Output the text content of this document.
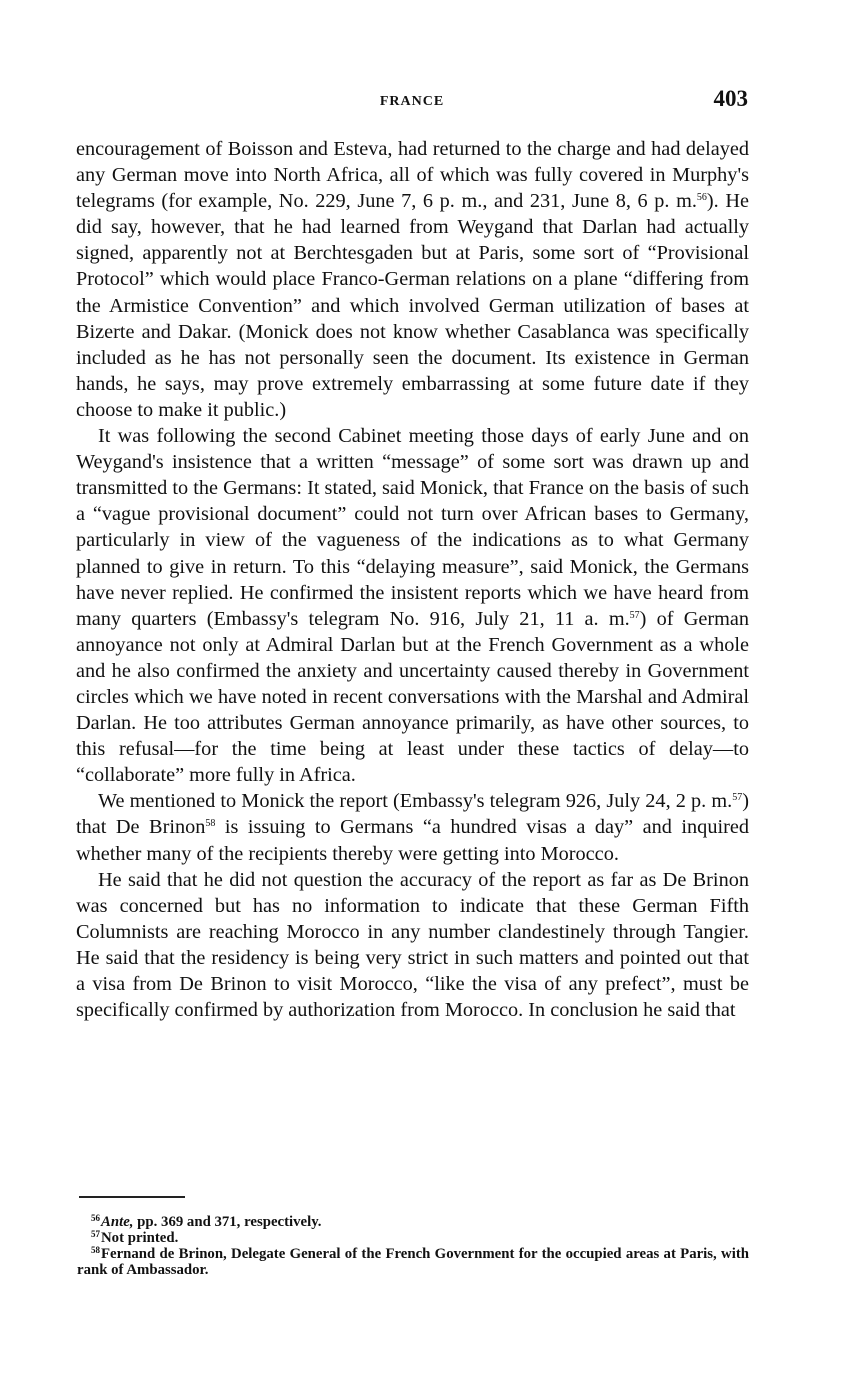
FRANCE	403

encouragement of Boisson and Esteva, had returned to the charge and had delayed any German move into North Africa, all of which was fully covered in Murphy's telegrams (for example, No. 229, June 7, 6 p. m., and 231, June 8, 6 p. m.$^{56}$). He did say, however, that he had learned from Weygand that Darlan had actually signed, apparently not at Berchtesgaden but at Paris, some sort of “Provisional Protocol” which would place Franco-German relations on a plane “differing from the Armistice Convention” and which involved German utilization of bases at Bizerte and Dakar. (Monick does not know whether Casablanca was specifically included as he has not personally seen the document. Its existence in German hands, he says, may prove extremely embarrassing at some future date if they choose to make it public.)

It was following the second Cabinet meeting those days of early June and on Weygand's insistence that a written “message” of some sort was drawn up and transmitted to the Germans: It stated, said Monick, that France on the basis of such a “vague provisional document” could not turn over African bases to Germany, particularly in view of the vagueness of the indications as to what Germany planned to give in return. To this “delaying measure”, said Monick, the Germans have never replied. He confirmed the insistent reports which we have heard from many quarters (Embassy's telegram No. 916, July 21, 11 a. m.$^{57}$) of German annoyance not only at Admiral Darlan but at the French Government as a whole and he also confirmed the anxiety and uncertainty caused thereby in Government circles which we have noted in recent conversations with the Marshal and Admiral Darlan. He too attributes German annoyance primarily, as have other sources, to this refusal—for the time being at least under these tactics of delay—to “collaborate” more fully in Africa.

We mentioned to Monick the report (Embassy's telegram 926, July 24, 2 p. m.$^{57}$) that De Brinon$^{58}$ is issuing to Germans “a hundred visas a day” and inquired whether many of the recipients thereby were getting into Morocco.

He said that he did not question the accuracy of the report as far as De Brinon was concerned but has no information to indicate that these German Fifth Columnists are reaching Morocco in any number clandestinely through Tangier. He said that the residency is being very strict in such matters and pointed out that a visa from De Brinon to visit Morocco, “like the visa of any prefect”, must be specifically confirmed by authorization from Morocco. In conclusion he said that

$^{56}$Ante, pp. 369 and 371, respectively.

$^{57}$Not printed.

$^{58}$Fernand de Brinon, Delegate General of the French Government for the occupied areas at Paris, with rank of Ambassador.
